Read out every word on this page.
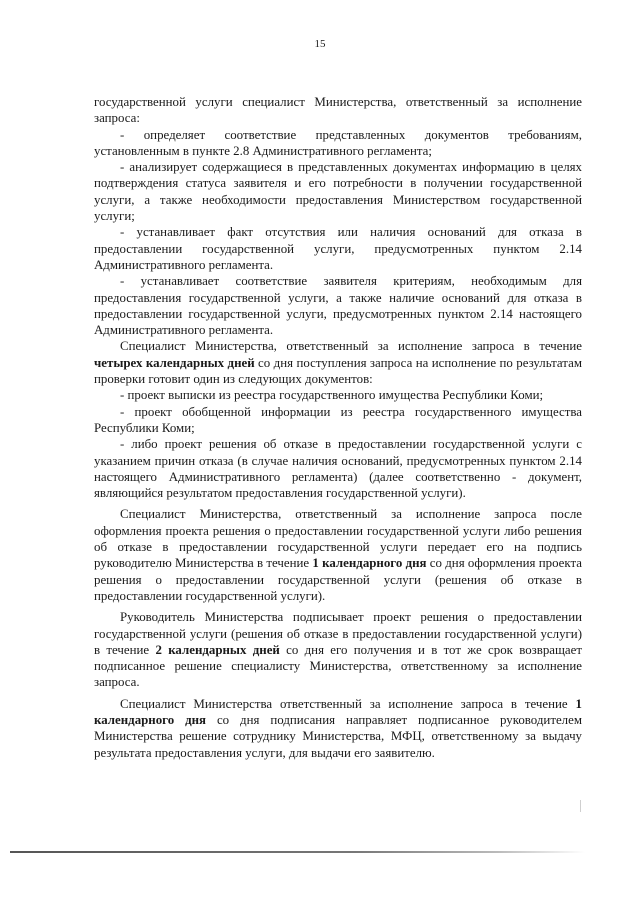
15

государственной услуги специалист Министерства, ответственный за исполнение запроса:

- определяет соответствие представленных документов требованиям, установленным в пункте 2.8 Административного регламента;

- анализирует содержащиеся в представленных документах информацию в целях подтверждения статуса заявителя и его потребности в получении государственной услуги, а также необходимости предоставления Министерством государственной услуги;

- устанавливает факт отсутствия или наличия оснований для отказа в предоставлении государственной услуги, предусмотренных пунктом 2.14 Административного регламента.

- устанавливает соответствие заявителя критериям, необходимым для предоставления государственной услуги, а также наличие оснований для отказа в предоставлении государственной услуги, предусмотренных пунктом 2.14 настоящего Административного регламента.

Специалист Министерства, ответственный за исполнение запроса в течение четырех календарных дней со дня поступления запроса на исполнение по результатам проверки готовит один из следующих документов:

- проект выписки из реестра государственного имущества Республики Коми;

- проект обобщенной информации из реестра государственного имущества Республики Коми;

- либо проект решения об отказе в предоставлении государственной услуги с указанием причин отказа (в случае наличия оснований, предусмотренных пунктом 2.14 настоящего Административного регламента) (далее соответственно - документ, являющийся результатом предоставления государственной услуги).

Специалист Министерства, ответственный за исполнение запроса после оформления проекта решения о предоставлении государственной услуги либо решения об отказе в предоставлении государственной услуги передает его на подпись руководителю Министерства в течение 1 календарного дня со дня оформления проекта решения о предоставлении государственной услуги (решения об отказе в предоставлении государственной услуги).

Руководитель Министерства подписывает проект решения о предоставлении государственной услуги (решения об отказе в предоставлении государственной услуги) в течение 2 календарных дней со дня его получения и в тот же срок возвращает подписанное решение специалисту Министерства, ответственному за исполнение запроса.

Специалист Министерства ответственный за исполнение запроса в течение 1 календарного дня со дня подписания направляет подписанное руководителем Министерства решение сотруднику Министерства, МФЦ, ответственному за выдачу результата предоставления услуги, для выдачи его заявителю.
